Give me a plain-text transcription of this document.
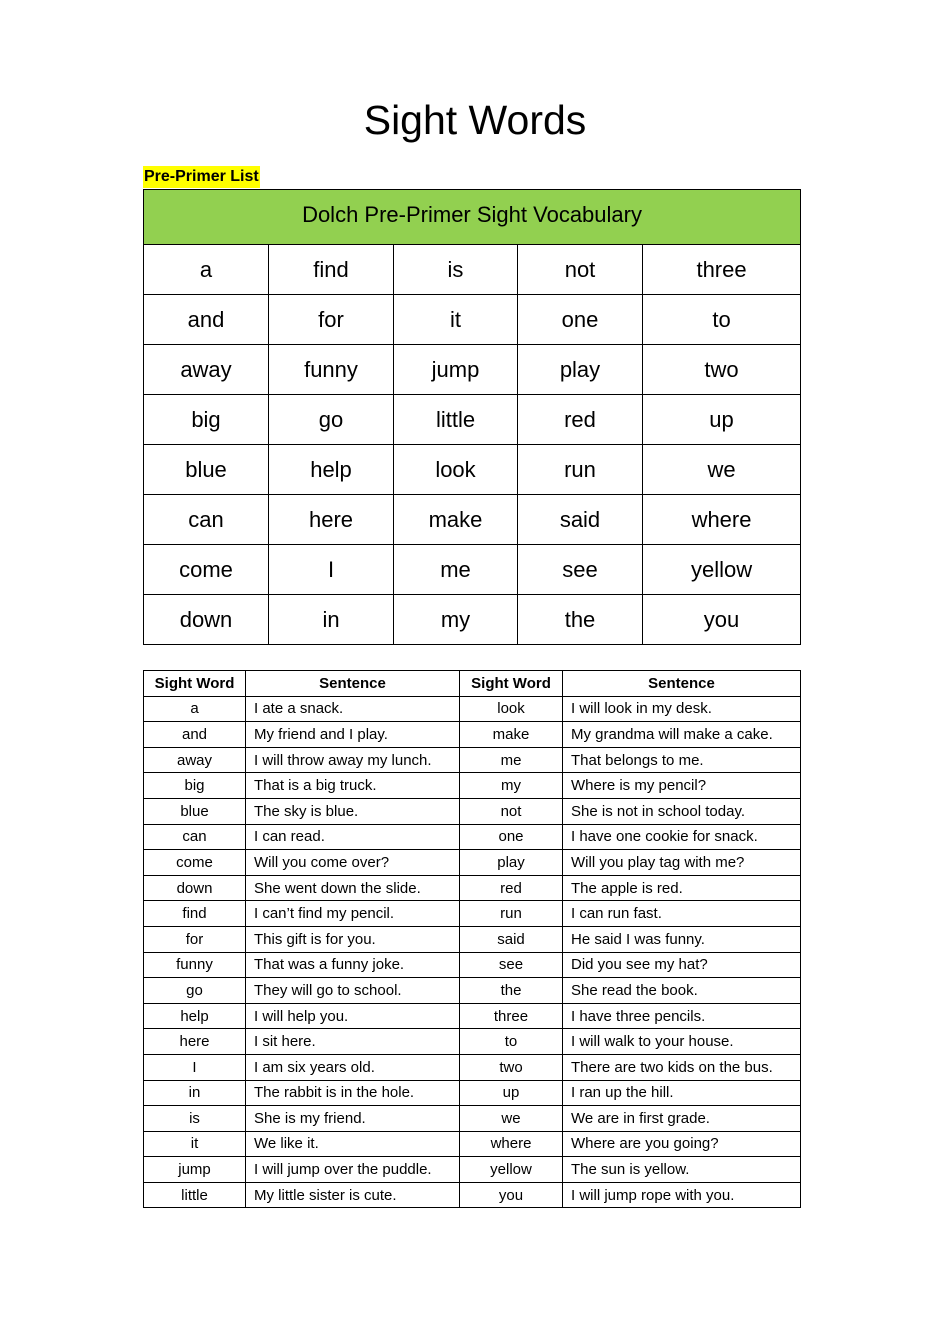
Sight Words
Pre-Primer List
Dolch Pre-Primer Sight Vocabulary				
a	find	is	not	three
and	for	it	one	to
away	funny	jump	play	two
big	go	little	red	up
blue	help	look	run	we
can	here	make	said	where
come	I	me	see	yellow
down	in	my	the	you
Sight Word	Sentence	Sight Word	Sentence
a	I ate a snack.	look	I will look in my desk.
and	My friend and I play.	make	My grandma will make a cake.
away	I will throw away my lunch.	me	That belongs to me.
big	That is a big truck.	my	Where is my pencil?
blue	The sky is blue.	not	She is not in school today.
can	I can read.	one	I have one cookie for snack.
come	Will you come over?	play	Will you play tag with me?
down	She went down the slide.	red	The apple is red.
find	I can’t find my pencil.	run	I can run fast.
for	This gift is for you.	said	He said I was funny.
funny	That was a funny joke.	see	Did you see my hat?
go	They will go to school.	the	She read the book.
help	I will help you.	three	I have three pencils.
here	I sit here.	to	I will walk to your house.
I	I am six years old.	two	There are two kids on the bus.
in	The rabbit is in the hole.	up	I ran up the hill.
is	She is my friend.	we	We are in first grade.
it	We like it.	where	Where are you going?
jump	I will jump over the puddle.	yellow	The sun is yellow.
little	My little sister is cute.	you	I will jump rope with you.
